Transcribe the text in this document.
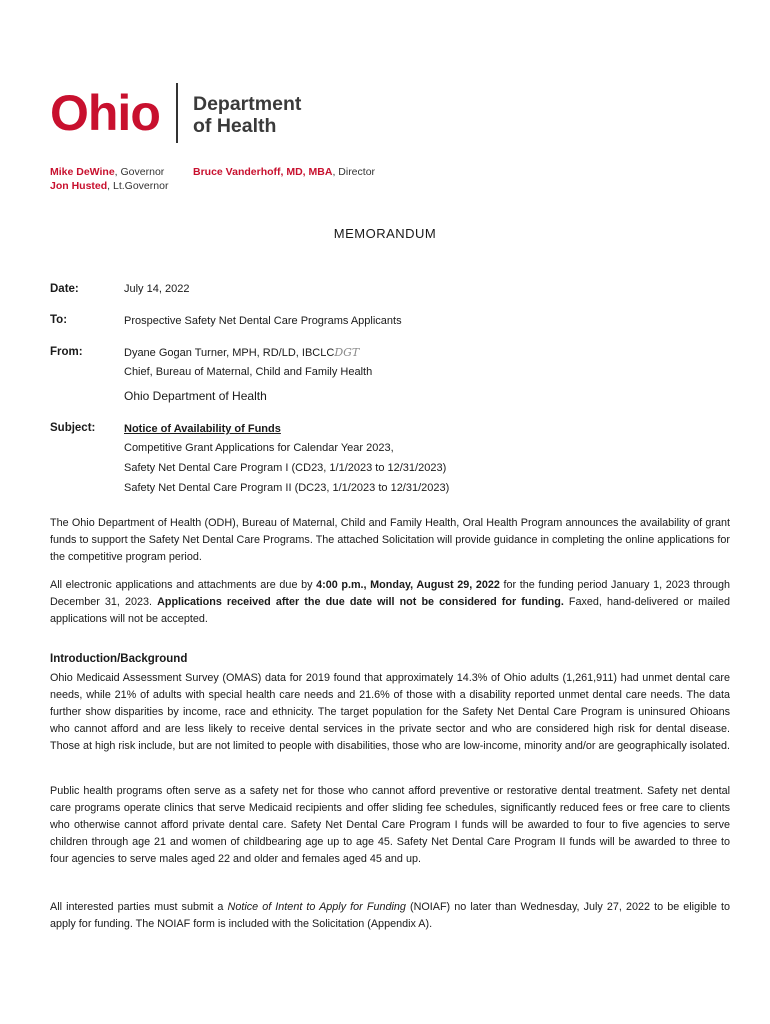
Ohio Department
of Health
Mike DeWine, Governor
Jon Husted, Lt.Governor
Bruce Vanderhoff, MD, MBA, Director
MEMORANDUM
Date:	July 14, 2022
To:	Prospective Safety Net Dental Care Programs Applicants
From:	Dyane Gogan Turner, MPH, RD/LD, IBCLCDGT
Chief, Bureau of Maternal, Child and Family Health
Ohio Department of Health
Subject:	Notice of Availability of Funds
Competitive Grant Applications for Calendar Year 2023,
Safety Net Dental Care Program I (CD23, 1/1/2023 to 12/31/2023)
Safety Net Dental Care Program II (DC23, 1/1/2023 to 12/31/2023)
The Ohio Department of Health (ODH), Bureau of Maternal, Child and Family Health, Oral Health Program announces the availability of grant funds to support the Safety Net Dental Care Programs. The attached Solicitation will provide guidance in completing the online applications for the competitive program period.
All electronic applications and attachments are due by 4:00 p.m., Monday, August 29, 2022 for the funding period January 1, 2023 through December 31, 2023. Applications received after the due date will not be considered for funding. Faxed, hand-delivered or mailed applications will not be accepted.
Introduction/Background
Ohio Medicaid Assessment Survey (OMAS) data for 2019 found that approximately 14.3% of Ohio adults (1,261,911) had unmet dental care needs, while 21% of adults with special health care needs and 21.6% of those with a disability reported unmet dental care needs. The data further show disparities by income, race and ethnicity. The target population for the Safety Net Dental Care Program is uninsured Ohioans who cannot afford and are less likely to receive dental services in the private sector and who are considered high risk for dental disease. Those at high risk include, but are not limited to people with disabilities, those who are low-income, minority and/or are geographically isolated.
Public health programs often serve as a safety net for those who cannot afford preventive or restorative dental treatment. Safety net dental care programs operate clinics that serve Medicaid recipients and offer sliding fee schedules, significantly reduced fees or free care to clients who otherwise cannot afford private dental care. Safety Net Dental Care Program I funds will be awarded to four to five agencies to serve children through age 21 and women of childbearing age up to age 45. Safety Net Dental Care Program II funds will be awarded to three to four agencies to serve males aged 22 and older and females aged 45 and up.
All interested parties must submit a Notice of Intent to Apply for Funding (NOIAF) no later than Wednesday, July 27, 2022 to be eligible to apply for funding. The NOIAF form is included with the Solicitation (Appendix A).
